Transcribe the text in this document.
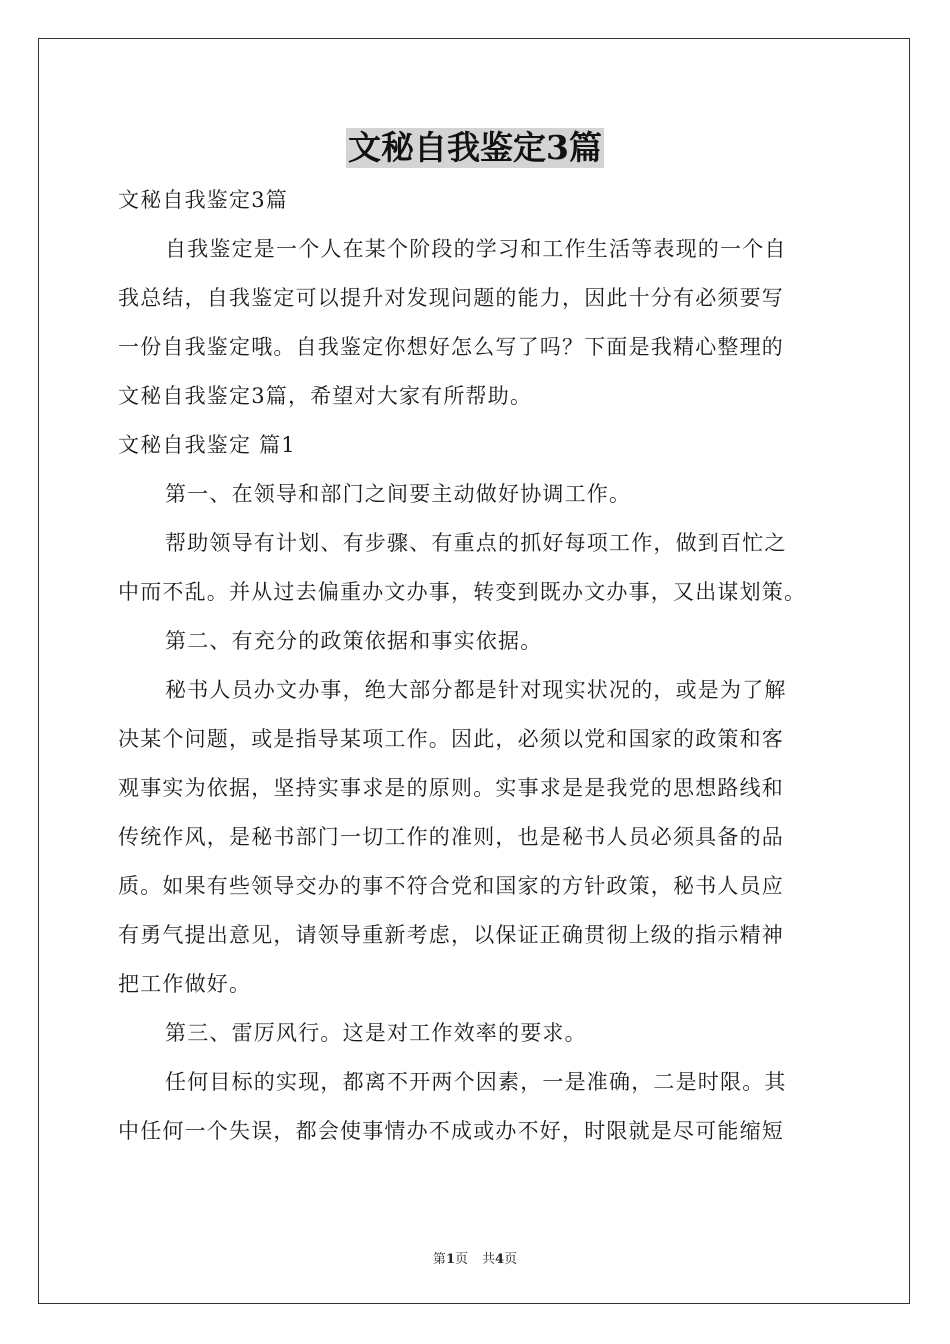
文秘自我鉴定3篇
文秘自我鉴定3篇
自我鉴定是一个人在某个阶段的学习和工作生活等表现的一个自
我总结，自我鉴定可以提升对发现问题的能力，因此十分有必须要写
一份自我鉴定哦。自我鉴定你想好怎么写了吗？下面是我精心整理的
文秘自我鉴定3篇，希望对大家有所帮助。
文秘自我鉴定 篇1
第一、在领导和部门之间要主动做好协调工作。
帮助领导有计划、有步骤、有重点的抓好每项工作，做到百忙之
中而不乱。并从过去偏重办文办事，转变到既办文办事，又出谋划策。
第二、有充分的政策依据和事实依据。
秘书人员办文办事，绝大部分都是针对现实状况的，或是为了解
决某个问题，或是指导某项工作。因此，必须以党和国家的政策和客
观事实为依据，坚持实事求是的原则。实事求是是我党的思想路线和
传统作风，是秘书部门一切工作的准则，也是秘书人员必须具备的品
质。如果有些领导交办的事不符合党和国家的方针政策，秘书人员应
有勇气提出意见，请领导重新考虑，以保证正确贯彻上级的指示精神
把工作做好。
第三、雷厉风行。这是对工作效率的要求。
任何目标的实现，都离不开两个因素，一是准确，二是时限。其
中任何一个失误，都会使事情办不成或办不好，时限就是尽可能缩短
第1页 共4页
